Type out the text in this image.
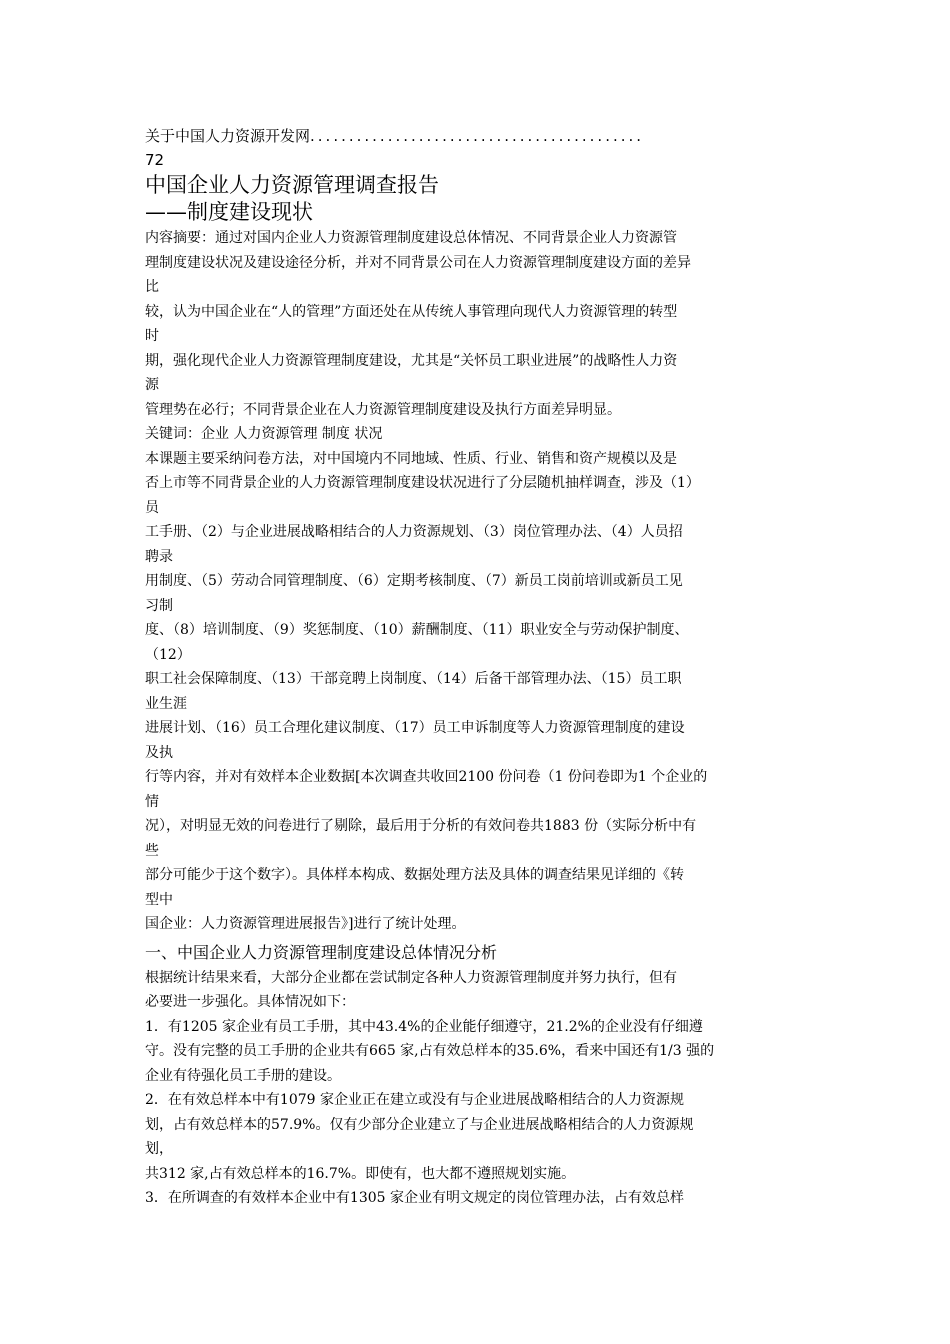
关于中国人力资源开发网...........................................
72
中国企业人力资源管理调查报告
——制度建设现状

内容摘要：通过对国内企业人力资源管理制度建设总体情况、不同背景企业人力资源管

理制度建设状况及建设途径分析，并对不同背景公司在人力资源管理制度建设方面的差异

比

较，认为中国企业在“人的管理”方面还处在从传统人事管理向现代人力资源管理的转型

时

期，强化现代企业人力资源管理制度建设，尤其是“关怀员工职业进展”的战略性人力资

源

管理势在必行；不同背景企业在人力资源管理制度建设及执行方面差异明显。

关键词：企业 人力资源管理 制度 状况

本课题主要采纳问卷方法，对中国境内不同地域、性质、行业、销售和资产规模以及是

否上市等不同背景企业的人力资源管理制度建设状况进行了分层随机抽样调查，涉及（1）

员

工手册、（2）与企业进展战略相结合的人力资源规划、（3）岗位管理办法、（4）人员招

聘录

用制度、（5）劳动合同管理制度、（6）定期考核制度、（7）新员工岗前培训或新员工见

习制

度、（8）培训制度、（9）奖惩制度、（10）薪酬制度、（11）职业安全与劳动保护制度、

（12）

职工社会保障制度、（13）干部竞聘上岗制度、（14）后备干部管理办法、（15）员工职

业生涯

进展计划、（16）员工合理化建议制度、（17）员工申诉制度等人力资源管理制度的建设

及执

行等内容，并对有效样本企业数据[本次调查共收回2100 份问卷（1 份问卷即为1 个企业的

情

况），对明显无效的问卷进行了剔除，最后用于分析的有效问卷共1883 份（实际分析中有

些

部分可能少于这个数字）。具体样本构成、数据处理方法及具体的调查结果见详细的《转

型中

国企业：人力资源管理进展报告》]进行了统计处理。

一、中国企业人力资源管理制度建设总体情况分析

根据统计结果来看，大部分企业都在尝试制定各种人力资源管理制度并努力执行，但有

必要进一步强化。具体情况如下：

1．有1205 家企业有员工手册，其中43.4%的企业能仔细遵守，21.2%的企业没有仔细遵

守。没有完整的员工手册的企业共有665 家,占有效总样本的35.6%，看来中国还有1/3 强的

企业有待强化员工手册的建设。

2．在有效总样本中有1079 家企业正在建立或没有与企业进展战略相结合的人力资源规

划，占有效总样本的57.9%。仅有少部分企业建立了与企业进展战略相结合的人力资源规

划，

共312 家,占有效总样本的16.7%。即使有，也大都不遵照规划实施。

3．在所调查的有效样本企业中有1305 家企业有明文规定的岗位管理办法，占有效总样
